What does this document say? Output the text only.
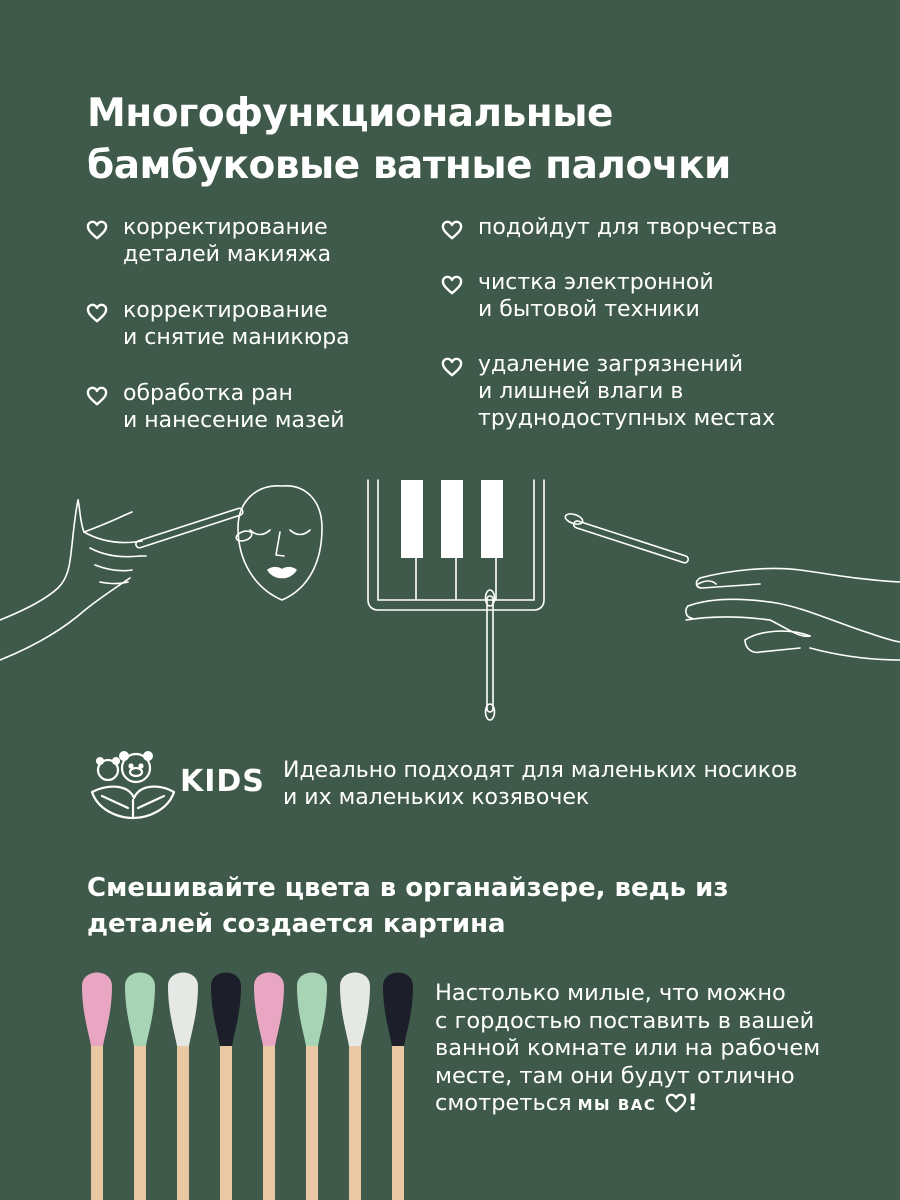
Многофункциональные
бамбуковые ватные палочки
корректирование
деталей макияжа
корректирование
и снятие маникюра
обработка ран
и нанесение мазей
подойдут для творчества
чистка электронной
и бытовой техники
удаление загрязнений
и лишней влаги в
труднодоступных местах
KIDS Идеально подходят для маленьких носиков
и их маленьких козявочек
Смешивайте цвета в органайзере, ведь из
деталей создается картина
Настолько милые, что можно
с гордостью поставить в вашей
ванной комнате или на рабочем
месте, там они будут отлично
смотреться МЫ ВАС !
